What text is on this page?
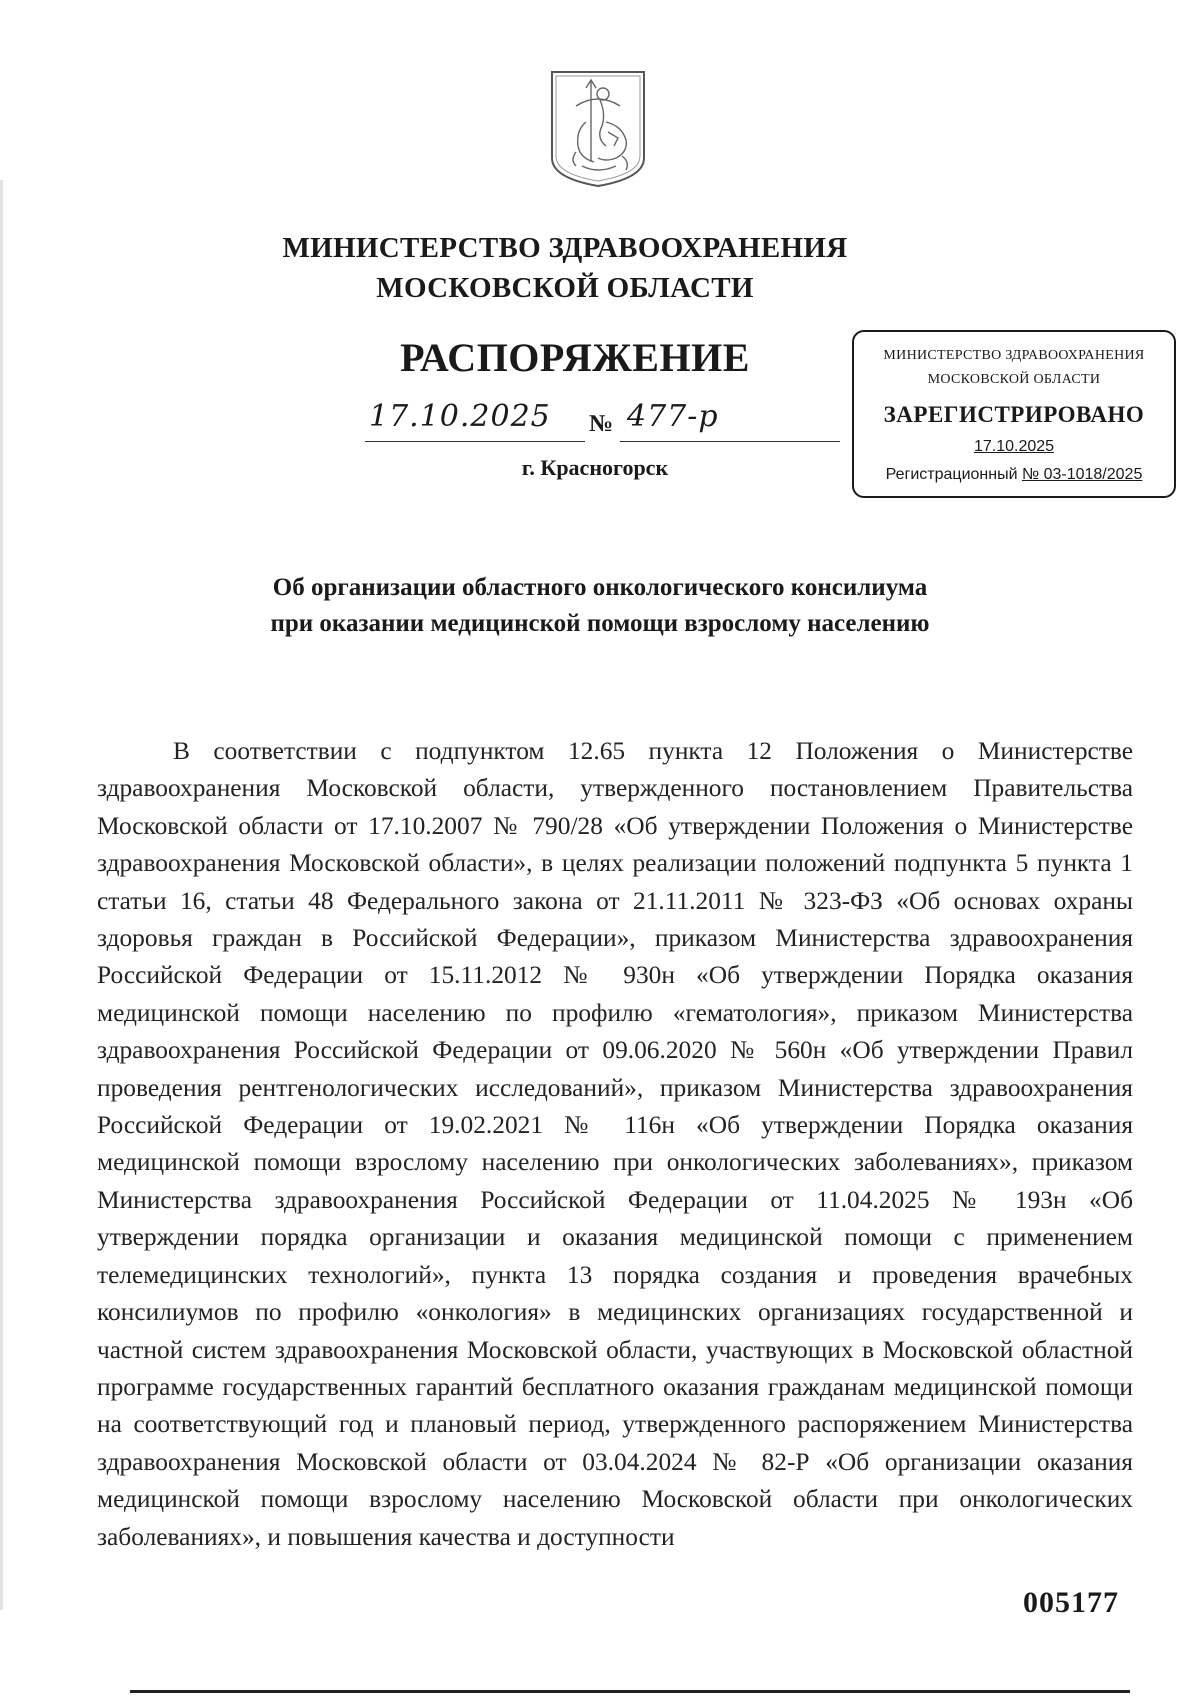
МИНИСТЕРСТВО ЗДРАВООХРАНЕНИЯ
МОСКОВСКОЙ ОБЛАСТИ
РАСПОРЯЖЕНИЕ
17.10.2025	№ 477-р
г. Красногорск
МИНИСТЕРСТВО ЗДРАВООХРАНЕНИЯ
МОСКОВСКОЙ ОБЛАСТИ
ЗАРЕГИСТРИРОВАНО
17.10.2025
Регистрационный № 03-1018/2025
Об организации областного онкологического консилиума
при оказании медицинской помощи взрослому населению
В соответствии с подпунктом 12.65 пункта 12 Положения о Министерстве здравоохранения Московской области, утвержденного постановлением Правительства Московской области от 17.10.2007 № 790/28 «Об утверждении Положения о Министерстве здравоохранения Московской области», в целях реализации положений подпункта 5 пункта 1 статьи 16, статьи 48 Федерального закона от 21.11.2011 № 323-ФЗ «Об основах охраны здоровья граждан в Российской Федерации», приказом Министерства здравоохранения Российской Федерации от 15.11.2012 № 930н «Об утверждении Порядка оказания медицинской помощи населению по профилю «гематология», приказом Министерства здравоохранения Российской Федерации от 09.06.2020 № 560н «Об утверждении Правил проведения рентгенологических исследований», приказом Министерства здравоохранения Российской Федерации от 19.02.2021 № 116н «Об утверждении Порядка оказания медицинской помощи взрослому населению при онкологических заболеваниях», приказом Министерства здравоохранения Российской Федерации от 11.04.2025 № 193н «Об утверждении порядка организации и оказания медицинской помощи с применением телемедицинских технологий», пункта 13 порядка создания и проведения врачебных консилиумов по профилю «онкология» в медицинских организациях государственной и частной систем здравоохранения Московской области, участвующих в Московской областной программе государственных гарантий бесплатного оказания гражданам медицинской помощи на соответствующий год и плановый период, утвержденного распоряжением Министерства здравоохранения Московской области от 03.04.2024 № 82-Р «Об организации оказания медицинской помощи взрослому населению Московской области при онкологических заболеваниях», и повышения качества и доступности
005177
